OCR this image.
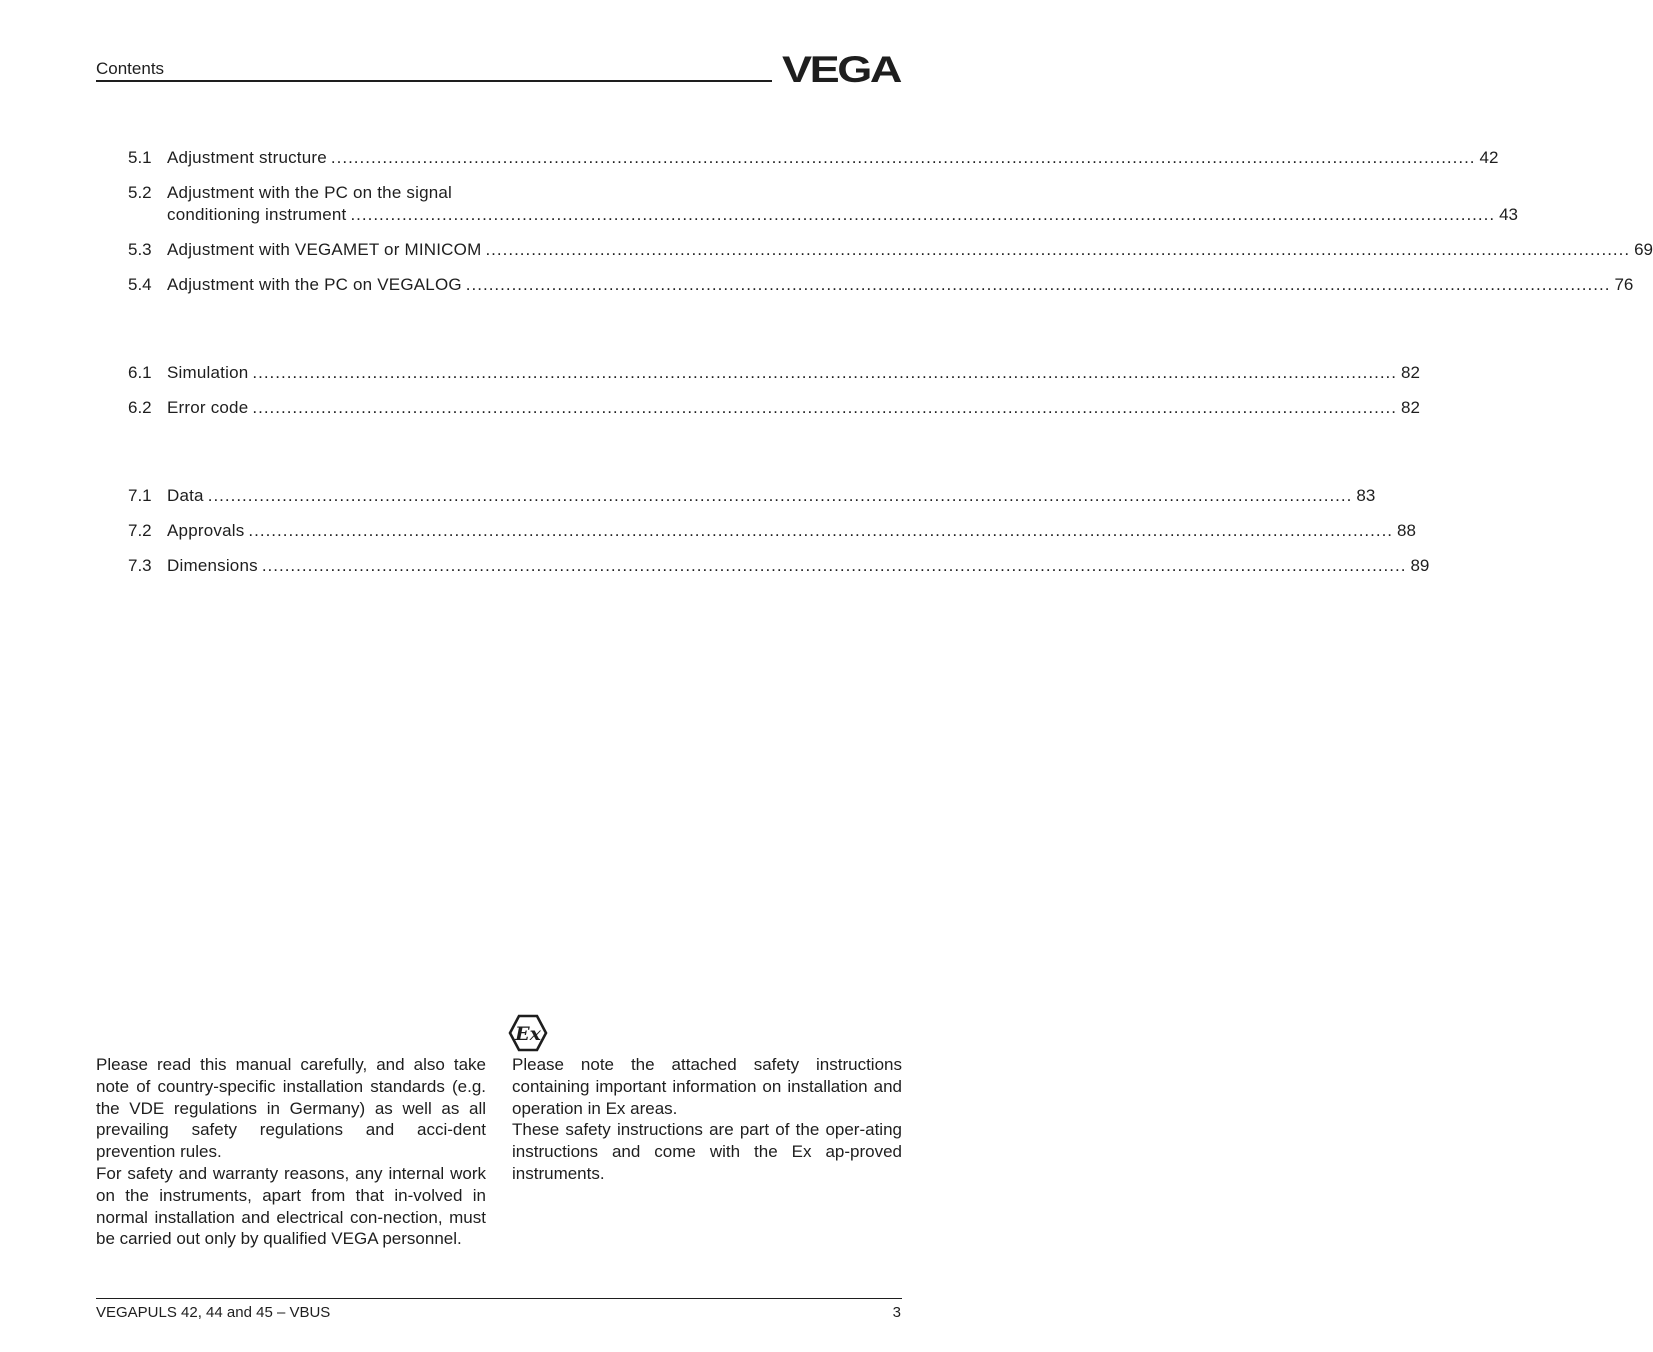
Contents	VEGA
5.1 Adjustment structure .....	42
5.2 Adjustment with the PC on the signal
conditioning instrument .....	43
5.3 Adjustment with VEGAMET or MINICOM .....	69
5.4 Adjustment with the PC on VEGALOG .....	76
6.1 Simulation .....	82
6.2 Error code .....	82
7.1 Data .....	83
7.2 Approvals .....	88
7.3 Dimensions .....	89

Please read this manual carefully, and also take note of country-specific installation standards (e.g. the VDE regulations in Germany) as well as all prevailing safety regulations and acci-dent prevention rules.

For safety and warranty reasons, any internal work on the instruments, apart from that in-volved in normal installation and electrical con-nection, must be carried out only by qualified VEGA personnel.

Ex

Please note the attached safety instructions containing important information on installation and operation in Ex areas.

These safety instructions are part of the oper-ating instructions and come with the Ex ap-proved instruments.

VEGAPULS 42, 44 and 45 – VBUS	3
